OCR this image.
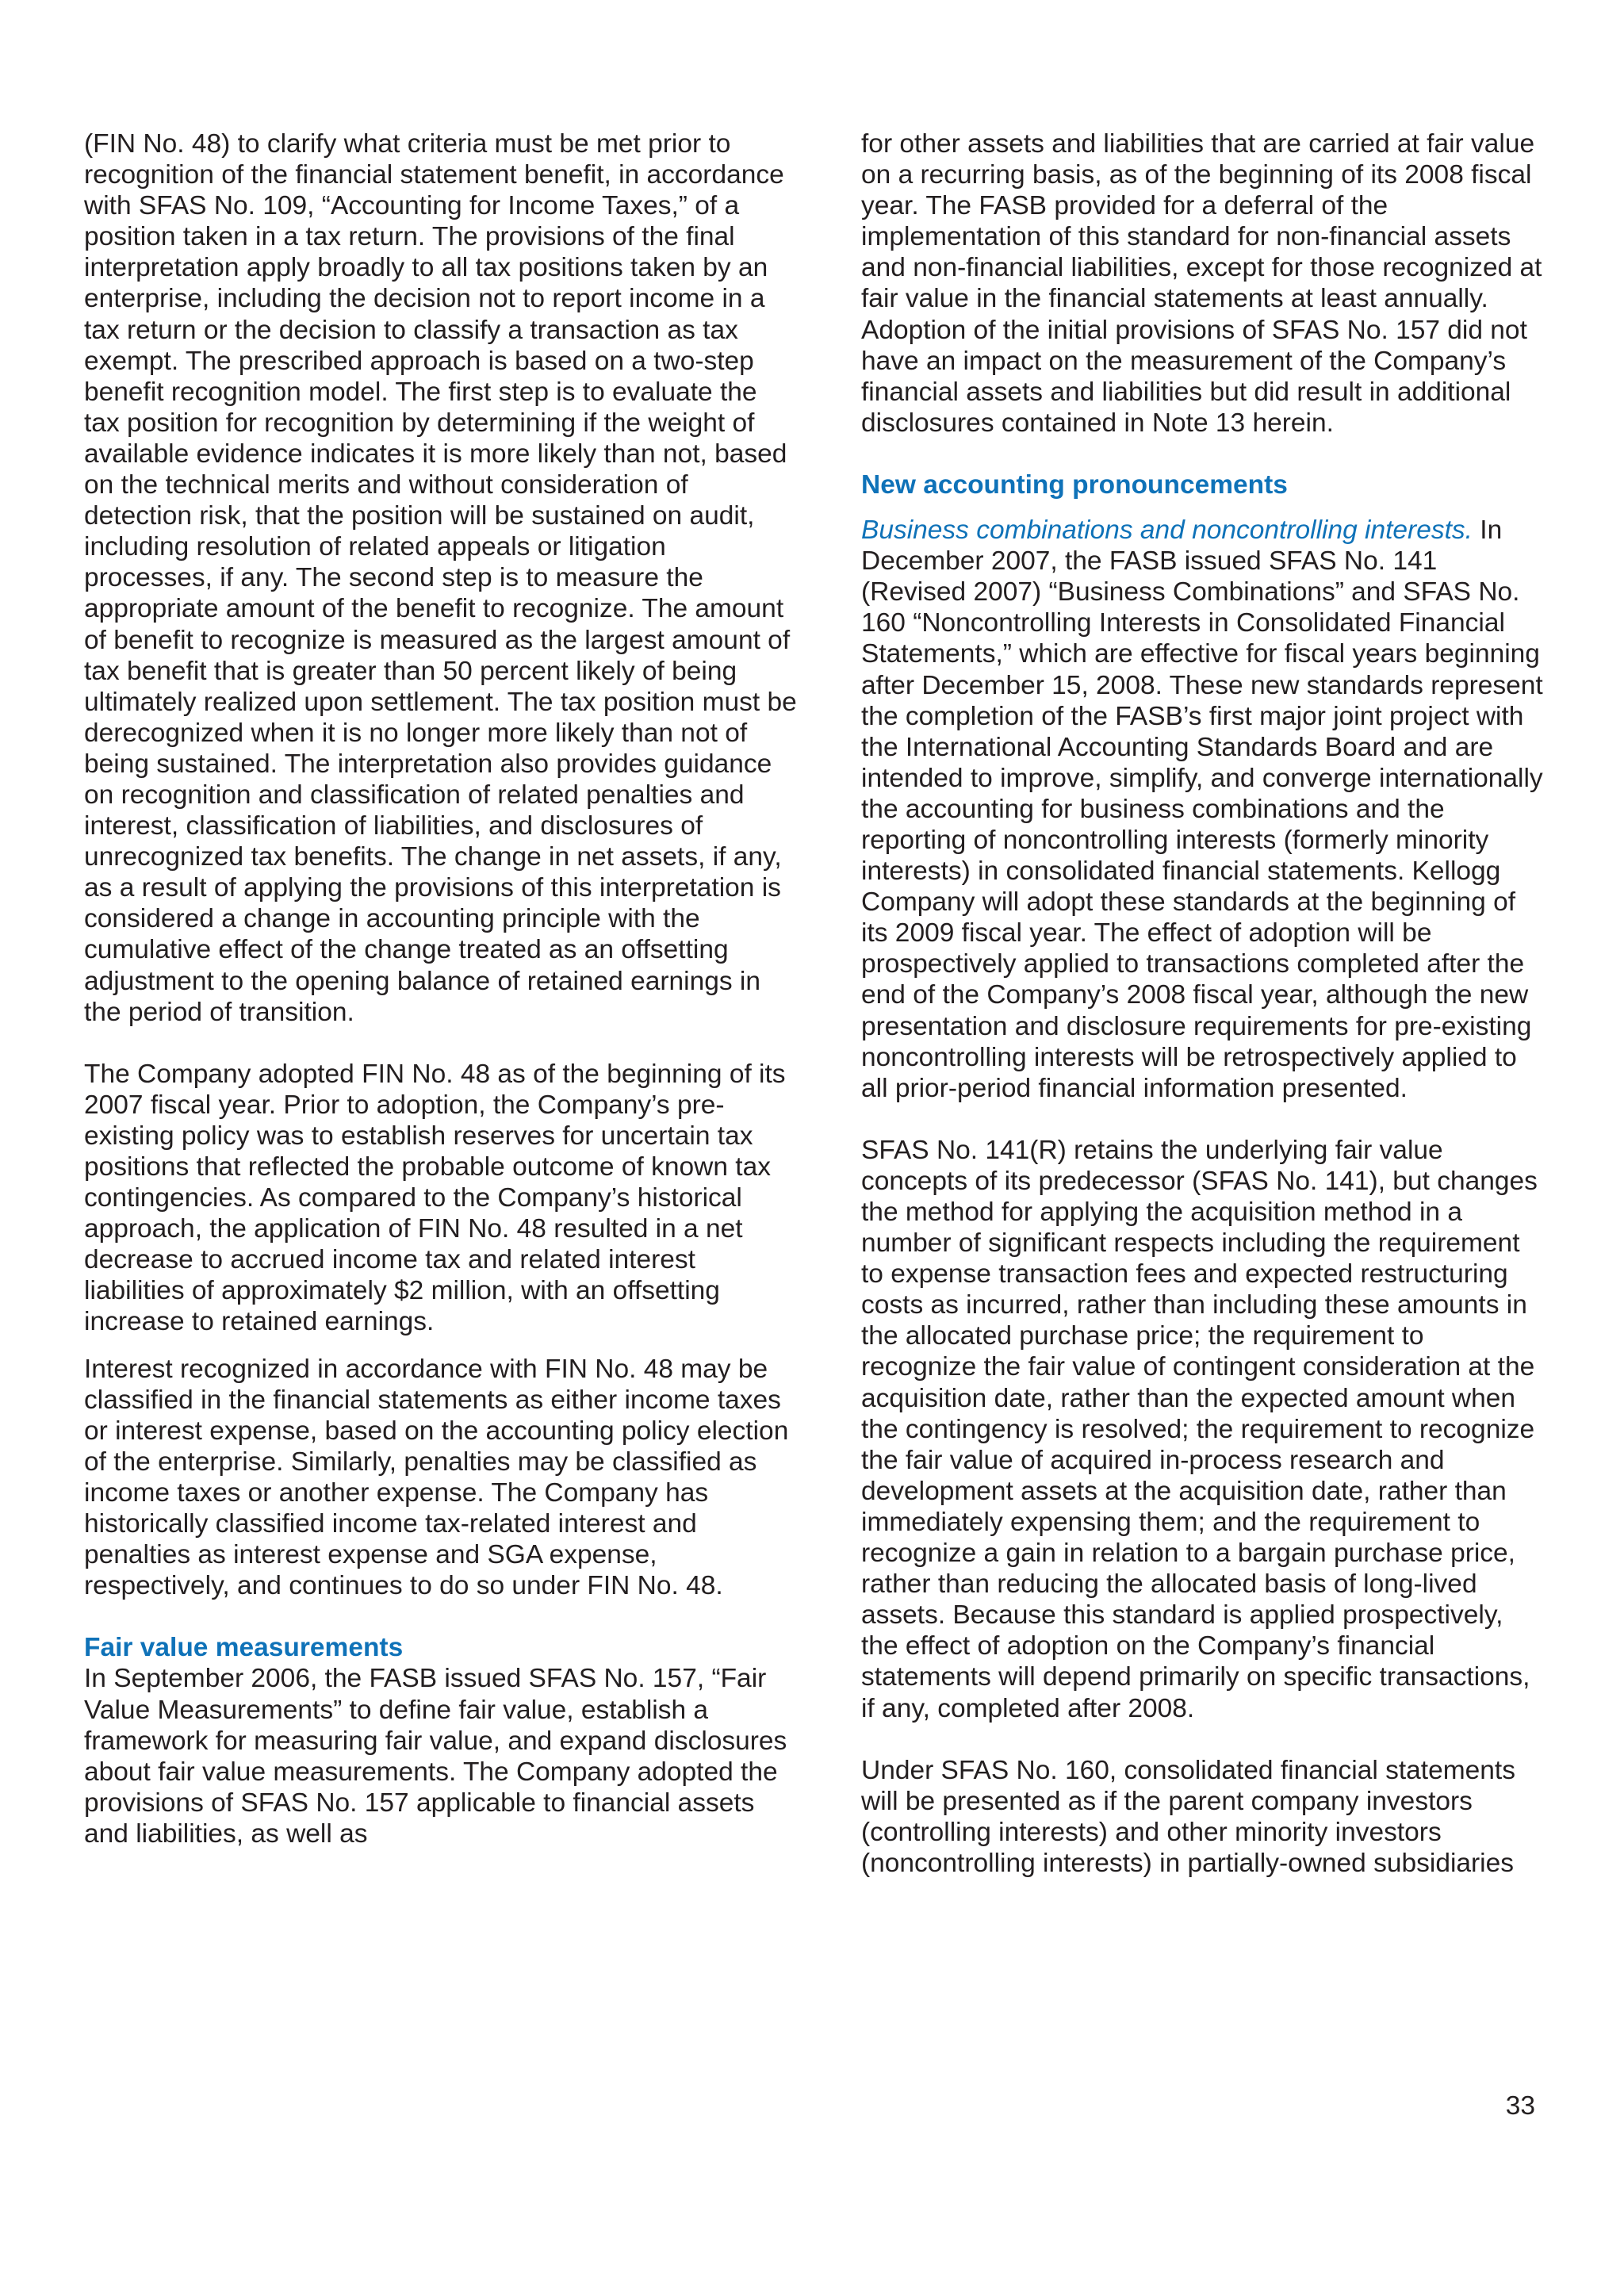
(FIN No. 48) to clarify what criteria must be met prior to recognition of the financial statement benefit, in accordance with SFAS No. 109, “Accounting for Income Taxes,” of a position taken in a tax return. The provisions of the final interpretation apply broadly to all tax positions taken by an enterprise, including the decision not to report income in a tax return or the decision to classify a transaction as tax exempt. The prescribed approach is based on a two-step benefit recognition model. The first step is to evaluate the tax position for recognition by determining if the weight of available evidence indicates it is more likely than not, based on the technical merits and without consideration of detection risk, that the position will be sustained on audit, including resolution of related appeals or litigation processes, if any. The second step is to measure the appropriate amount of the benefit to recognize. The amount of benefit to recognize is measured as the largest amount of tax benefit that is greater than 50 percent likely of being ultimately realized upon settlement. The tax position must be derecognized when it is no longer more likely than not of being sustained. The interpretation also provides guidance on recognition and classification of related penalties and interest, classification of liabilities, and disclosures of unrecognized tax benefits. The change in net assets, if any, as a result of applying the provisions of this interpretation is considered a change in accounting principle with the cumulative effect of the change treated as an offsetting adjustment to the opening balance of retained earnings in the period of transition.

The Company adopted FIN No. 48 as of the beginning of its 2007 fiscal year. Prior to adoption, the Company’s pre-existing policy was to establish reserves for uncertain tax positions that reflected the probable outcome of known tax contingencies. As compared to the Company’s historical approach, the application of FIN No. 48 resulted in a net decrease to accrued income tax and related interest liabilities of approximately $2 million, with an offsetting increase to retained earnings.

Interest recognized in accordance with FIN No. 48 may be classified in the financial statements as either income taxes or interest expense, based on the accounting policy election of the enterprise. Similarly, penalties may be classified as income taxes or another expense. The Company has historically classified income tax-related interest and penalties as interest expense and SGA expense, respectively, and continues to do so under FIN No. 48.

Fair value measurements

In September 2006, the FASB issued SFAS No. 157, “Fair Value Measurements” to define fair value, establish a framework for measuring fair value, and expand disclosures about fair value measurements. The Company adopted the provisions of SFAS No. 157 applicable to financial assets and liabilities, as well as

for other assets and liabilities that are carried at fair value on a recurring basis, as of the beginning of its 2008 fiscal year. The FASB provided for a deferral of the implementation of this standard for non-financial assets and non-financial liabilities, except for those recognized at fair value in the financial statements at least annually. Adoption of the initial provisions of SFAS No. 157 did not have an impact on the measurement of the Company’s financial assets and liabilities but did result in additional disclosures contained in Note 13 herein.

New accounting pronouncements

Business combinations and noncontrolling interests. In December 2007, the FASB issued SFAS No. 141 (Revised 2007) “Business Combinations” and SFAS No. 160 “Noncontrolling Interests in Consolidated Financial Statements,” which are effective for fiscal years beginning after December 15, 2008. These new standards represent the completion of the FASB’s first major joint project with the International Accounting Standards Board and are intended to improve, simplify, and converge internationally the accounting for business combinations and the reporting of noncontrolling interests (formerly minority interests) in consolidated financial statements. Kellogg Company will adopt these standards at the beginning of its 2009 fiscal year. The effect of adoption will be prospectively applied to transactions completed after the end of the Company’s 2008 fiscal year, although the new presentation and disclosure requirements for pre-existing noncontrolling interests will be retrospectively applied to all prior-period financial information presented.

SFAS No. 141(R) retains the underlying fair value concepts of its predecessor (SFAS No. 141), but changes the method for applying the acquisition method in a number of significant respects including the requirement to expense transaction fees and expected restructuring costs as incurred, rather than including these amounts in the allocated purchase price; the requirement to recognize the fair value of contingent consideration at the acquisition date, rather than the expected amount when the contingency is resolved; the requirement to recognize the fair value of acquired in-process research and development assets at the acquisition date, rather than immediately expensing them; and the requirement to recognize a gain in relation to a bargain purchase price, rather than reducing the allocated basis of long-lived assets. Because this standard is applied prospectively, the effect of adoption on the Company’s financial statements will depend primarily on specific transactions, if any, completed after 2008.

Under SFAS No. 160, consolidated financial statements will be presented as if the parent company investors (controlling interests) and other minority investors (noncontrolling interests) in partially-owned subsidiaries

33
